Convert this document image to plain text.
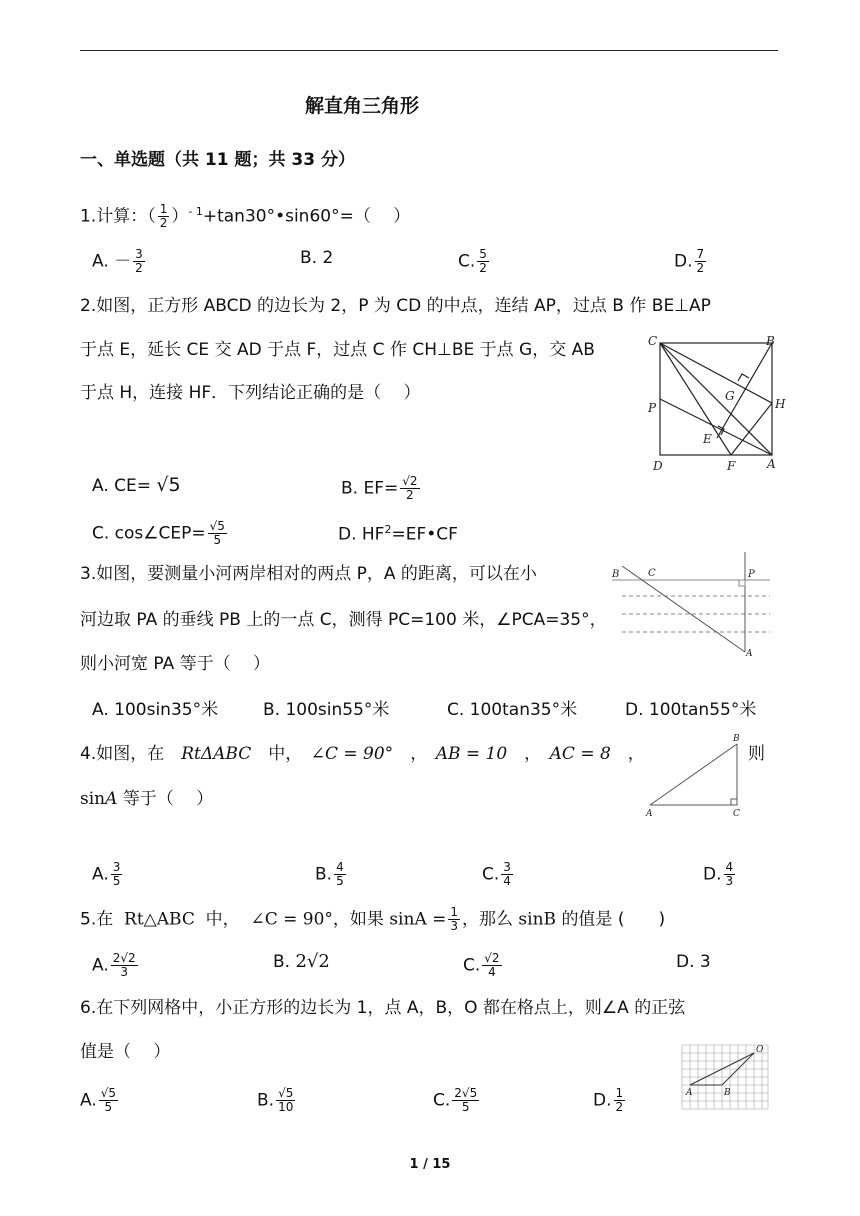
解直角三角形
一、单选题（共 11 题；共 33 分）
1.计算：（ $\frac{1}{2}$ ）$^{- 1}$+tan30°•sin60°=（　 ）
A. － $\frac{3}{2}$	B. 2	C. $\frac{5}{2}$	D. $\frac{7}{2}$
2.如图，正方形 ABCD 的边长为 2，P 为 CD 的中点，连结 AP，过点 B 作 BE⊥AP
于点 E，延长 CE 交 AD 于点 F，过点 C 作 CH⊥BE 于点 G，交 AB
于点 H，连接 HF．下列结论正确的是（　 ）
C	B
P
G
H
E
D	F	A
A. CE= √5	B. $EF= \frac{√2}{2}$
C. cos∠CEP= $\frac{√5}{5}$	D. $HF^2=EF•CF$
3.如图，要测量小河两岸相对的两点 P，A 的距离，可以在小
河边取 PA 的垂线 PB 上的一点 C，测得 PC=100 米，∠PCA=35°，
则小河宽 PA 等于（　 ）
B	C	P
A
A. 100sin35°米	B. 100sin55°米	C. 100tan35°米	D. 100tan55°米
4.如图，在　 RtΔABC　 中，　 ∠C = 90°　 ，　 AB = 10　 ，　 AC = 8　 ，	则
sinA 等于（　 ）
B
A	C
A. $\frac{3}{5}$	B. $\frac{4}{5}$	C. $\frac{3}{4}$	D. $\frac{4}{3}$
5.在 Rt△ABC 中， ∠C = 90°，如果 $\sin A = \frac{1}{3}$ ，那么 sinB 的值是 (　　)
A. $\frac{2√2}{3}$	B. 2√2	C. $\frac{√2}{4}$	D. 3
6.在下列网格中，小正方形的边长为 1，点 A，B，O 都在格点上，则∠A 的正弦
值是（　 ）	O
A	B
A. $\frac{√5}{5}$	B. $\frac{√5}{10}$	C. $\frac{2√5}{5}$	D. $\frac{1}{2}$
1 / 15
